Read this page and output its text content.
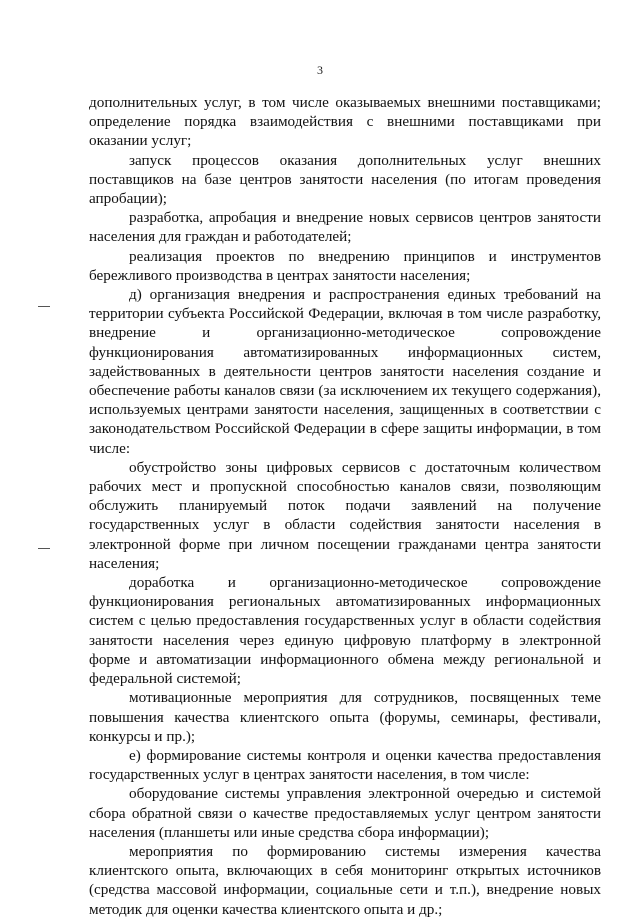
3

дополнительных услуг, в том числе оказываемых внешними поставщиками; определение порядка взаимодействия с внешними поставщиками при оказании услуг;

запуск процессов оказания дополнительных услуг внешних поставщиков на базе центров занятости населения (по итогам проведения апробации);

разработка, апробация и внедрение новых сервисов центров занятости населения для граждан и работодателей;

реализация проектов по внедрению принципов и инструментов бережливого производства в центрах занятости населения;

д) организация внедрения и распространения единых требований на территории субъекта Российской Федерации, включая в том числе разработку, внедрение и организационно-методическое сопровождение функционирования автоматизированных информационных систем, задействованных в деятельности центров занятости населения создание и обеспечение работы каналов связи (за исключением их текущего содержания), используемых центрами занятости населения, защищенных в соответствии с законодательством Российской Федерации в сфере защиты информации, в том числе:

обустройство зоны цифровых сервисов с достаточным количеством рабочих мест и пропускной способностью каналов связи, позволяющим обслужить планируемый поток подачи заявлений на получение государственных услуг в области содействия занятости населения в электронной форме при личном посещении гражданами центра занятости населения;

доработка и организационно-методическое сопровождение функционирования региональных автоматизированных информационных систем с целью предоставления государственных услуг в области содействия занятости населения через единую цифровую платформу в электронной форме и автоматизации информационного обмена между региональной и федеральной системой;

мотивационные мероприятия для сотрудников, посвященных теме повышения качества клиентского опыта (форумы, семинары, фестивали, конкурсы и пр.);

е) формирование системы контроля и оценки качества предоставления государственных услуг в центрах занятости населения, в том числе:

оборудование системы управления электронной очередью и системой сбора обратной связи о качестве предоставляемых услуг центром занятости населения (планшеты или иные средства сбора информации);

мероприятия по формированию системы измерения качества клиентского опыта, включающих в себя мониторинг открытых источников (средства массовой информации, социальные сети и т.п.), внедрение новых методик для оценки качества клиентского опыта и др.;
